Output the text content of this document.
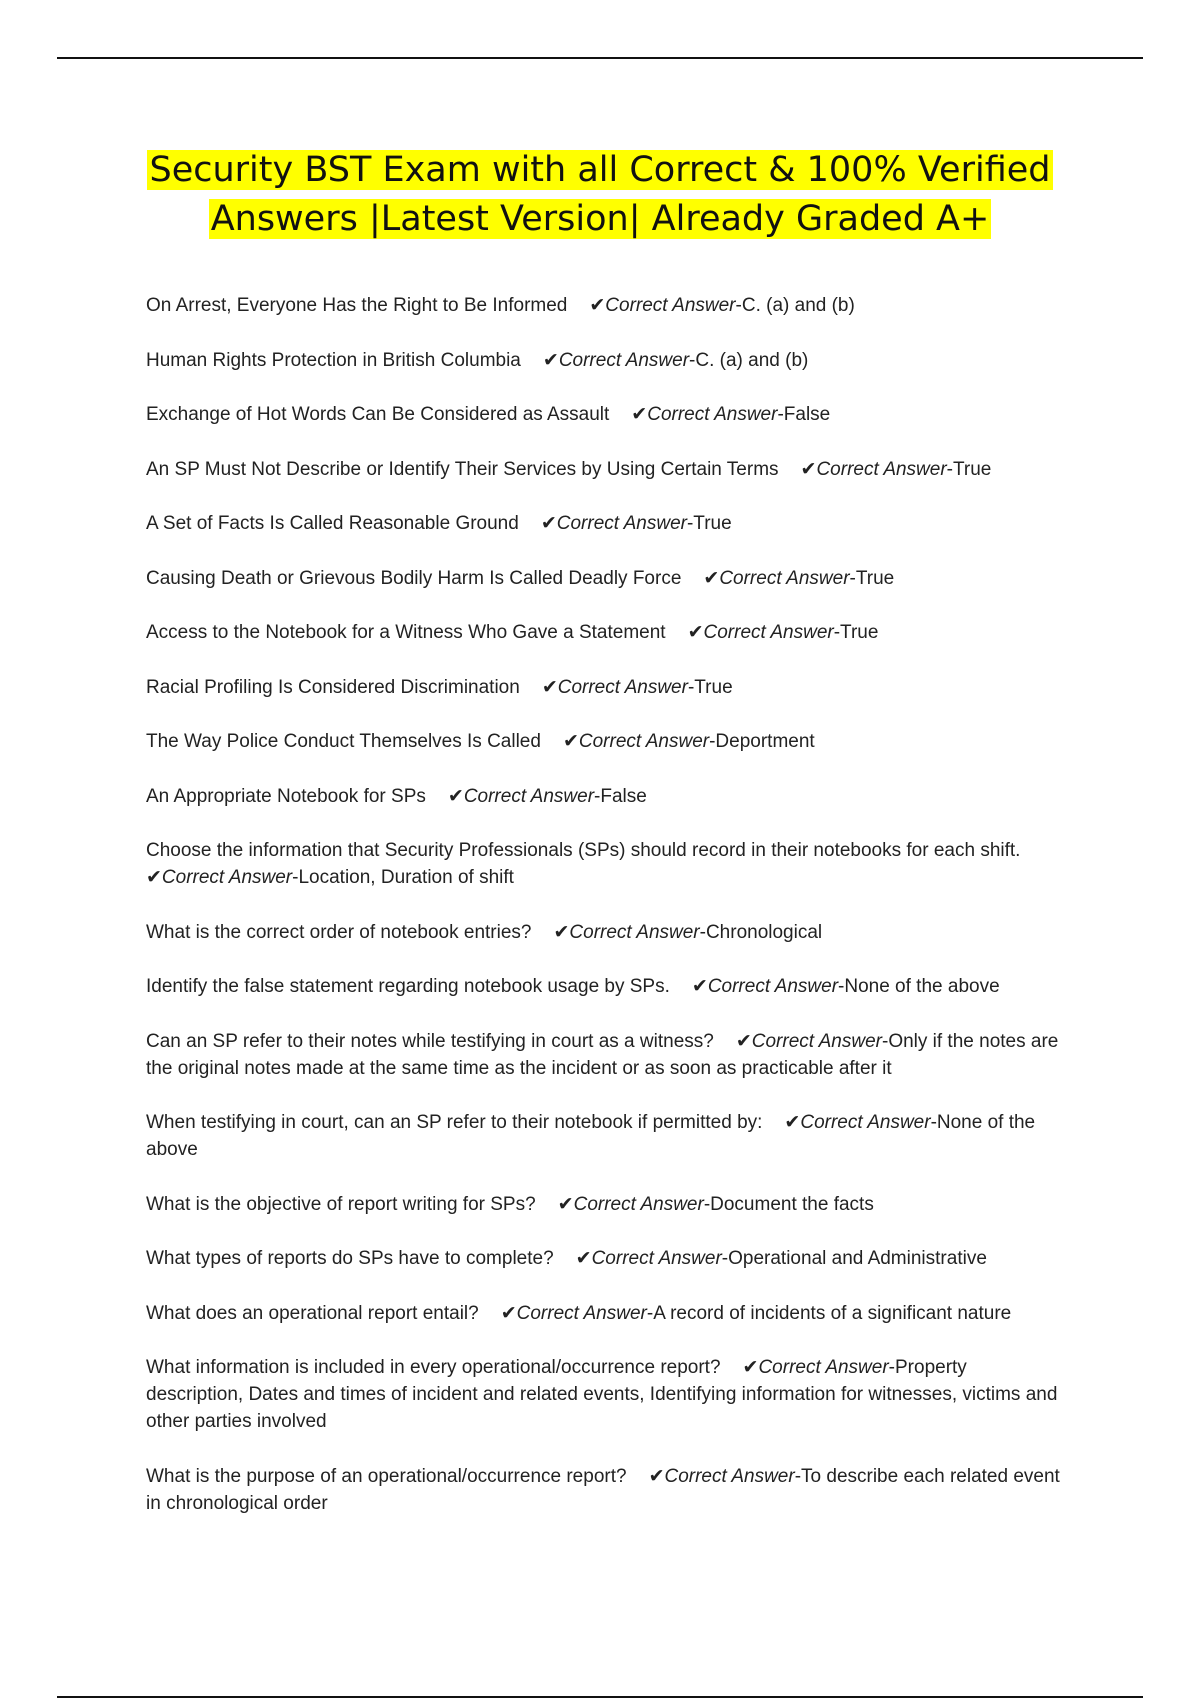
Security BST Exam with all Correct & 100% Verified
Answers |Latest Version| Already Graded A+
On Arrest, Everyone Has the Right to Be Informed ✔Correct Answer-C. (a) and (b)
Human Rights Protection in British Columbia ✔Correct Answer-C. (a) and (b)
Exchange of Hot Words Can Be Considered as Assault ✔Correct Answer-False
An SP Must Not Describe or Identify Their Services by Using Certain Terms ✔Correct Answer-True
A Set of Facts Is Called Reasonable Ground ✔Correct Answer-True
Causing Death or Grievous Bodily Harm Is Called Deadly Force ✔Correct Answer-True
Access to the Notebook for a Witness Who Gave a Statement ✔Correct Answer-True
Racial Profiling Is Considered Discrimination ✔Correct Answer-True
The Way Police Conduct Themselves Is Called ✔Correct Answer-Deportment
An Appropriate Notebook for SPs ✔Correct Answer-False
Choose the information that Security Professionals (SPs) should record in their notebooks for each shift.✔Correct Answer-Location, Duration of shift
What is the correct order of notebook entries? ✔Correct Answer-Chronological
Identify the false statement regarding notebook usage by SPs. ✔Correct Answer-None of the above
Can an SP refer to their notes while testifying in court as a witness? ✔Correct Answer-Only if the notes are the original notes made at the same time as the incident or as soon as practicable after it
When testifying in court, can an SP refer to their notebook if permitted by: ✔Correct Answer-None of the above
What is the objective of report writing for SPs? ✔Correct Answer-Document the facts
What types of reports do SPs have to complete? ✔Correct Answer-Operational and Administrative
What does an operational report entail? ✔Correct Answer-A record of incidents of a significant nature
What information is included in every operational/occurrence report? ✔Correct Answer-Property description, Dates and times of incident and related events, Identifying information for witnesses, victims and other parties involved
What is the purpose of an operational/occurrence report? ✔Correct Answer-To describe each related event in chronological order
